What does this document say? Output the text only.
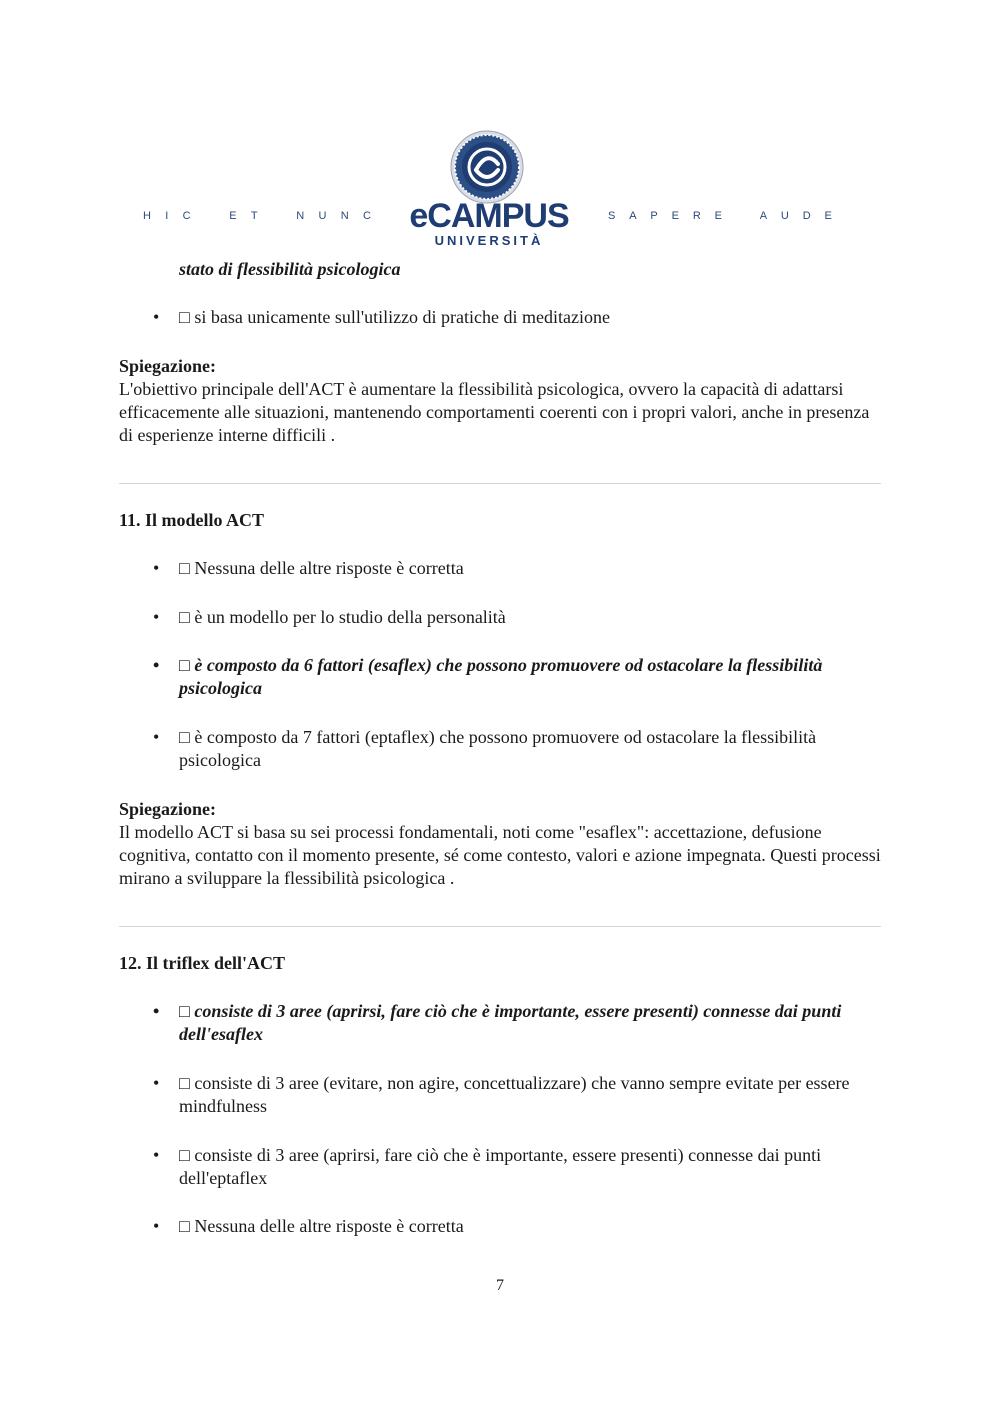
H I C	E T	N U N C eCAMPUS
UNIVERSITÀ
S A P E R E	A U D E

stato di flessibilità psicologica

• □ si basa unicamente sull'utilizzo di pratiche di meditazione

Spiegazione:

L'obiettivo principale dell'ACT è aumentare la flessibilità psicologica, ovvero la capacità di adattarsi efficacemente alle situazioni, mantenendo comportamenti coerenti con i propri valori, anche in presenza di esperienze interne difficili .

11. Il modello ACT

• □ Nessuna delle altre risposte è corretta

• □ è un modello per lo studio della personalità

• □ è composto da 6 fattori (esaflex) che possono promuovere od ostacolare la flessibilità psicologica

• □ è composto da 7 fattori (eptaflex) che possono promuovere od ostacolare la flessibilità psicologica

Spiegazione:

Il modello ACT si basa su sei processi fondamentali, noti come "esaflex": accettazione, defusione cognitiva, contatto con il momento presente, sé come contesto, valori e azione impegnata. Questi processi mirano a sviluppare la flessibilità psicologica .

12. Il triflex dell'ACT

• □ consiste di 3 aree (aprirsi, fare ciò che è importante, essere presenti) connesse dai punti dell'esaflex

• □ consiste di 3 aree (evitare, non agire, concettualizzare) che vanno sempre evitate per essere mindfulness

• □ consiste di 3 aree (aprirsi, fare ciò che è importante, essere presenti) connesse dai punti dell'eptaflex

• □ Nessuna delle altre risposte è corretta

7
